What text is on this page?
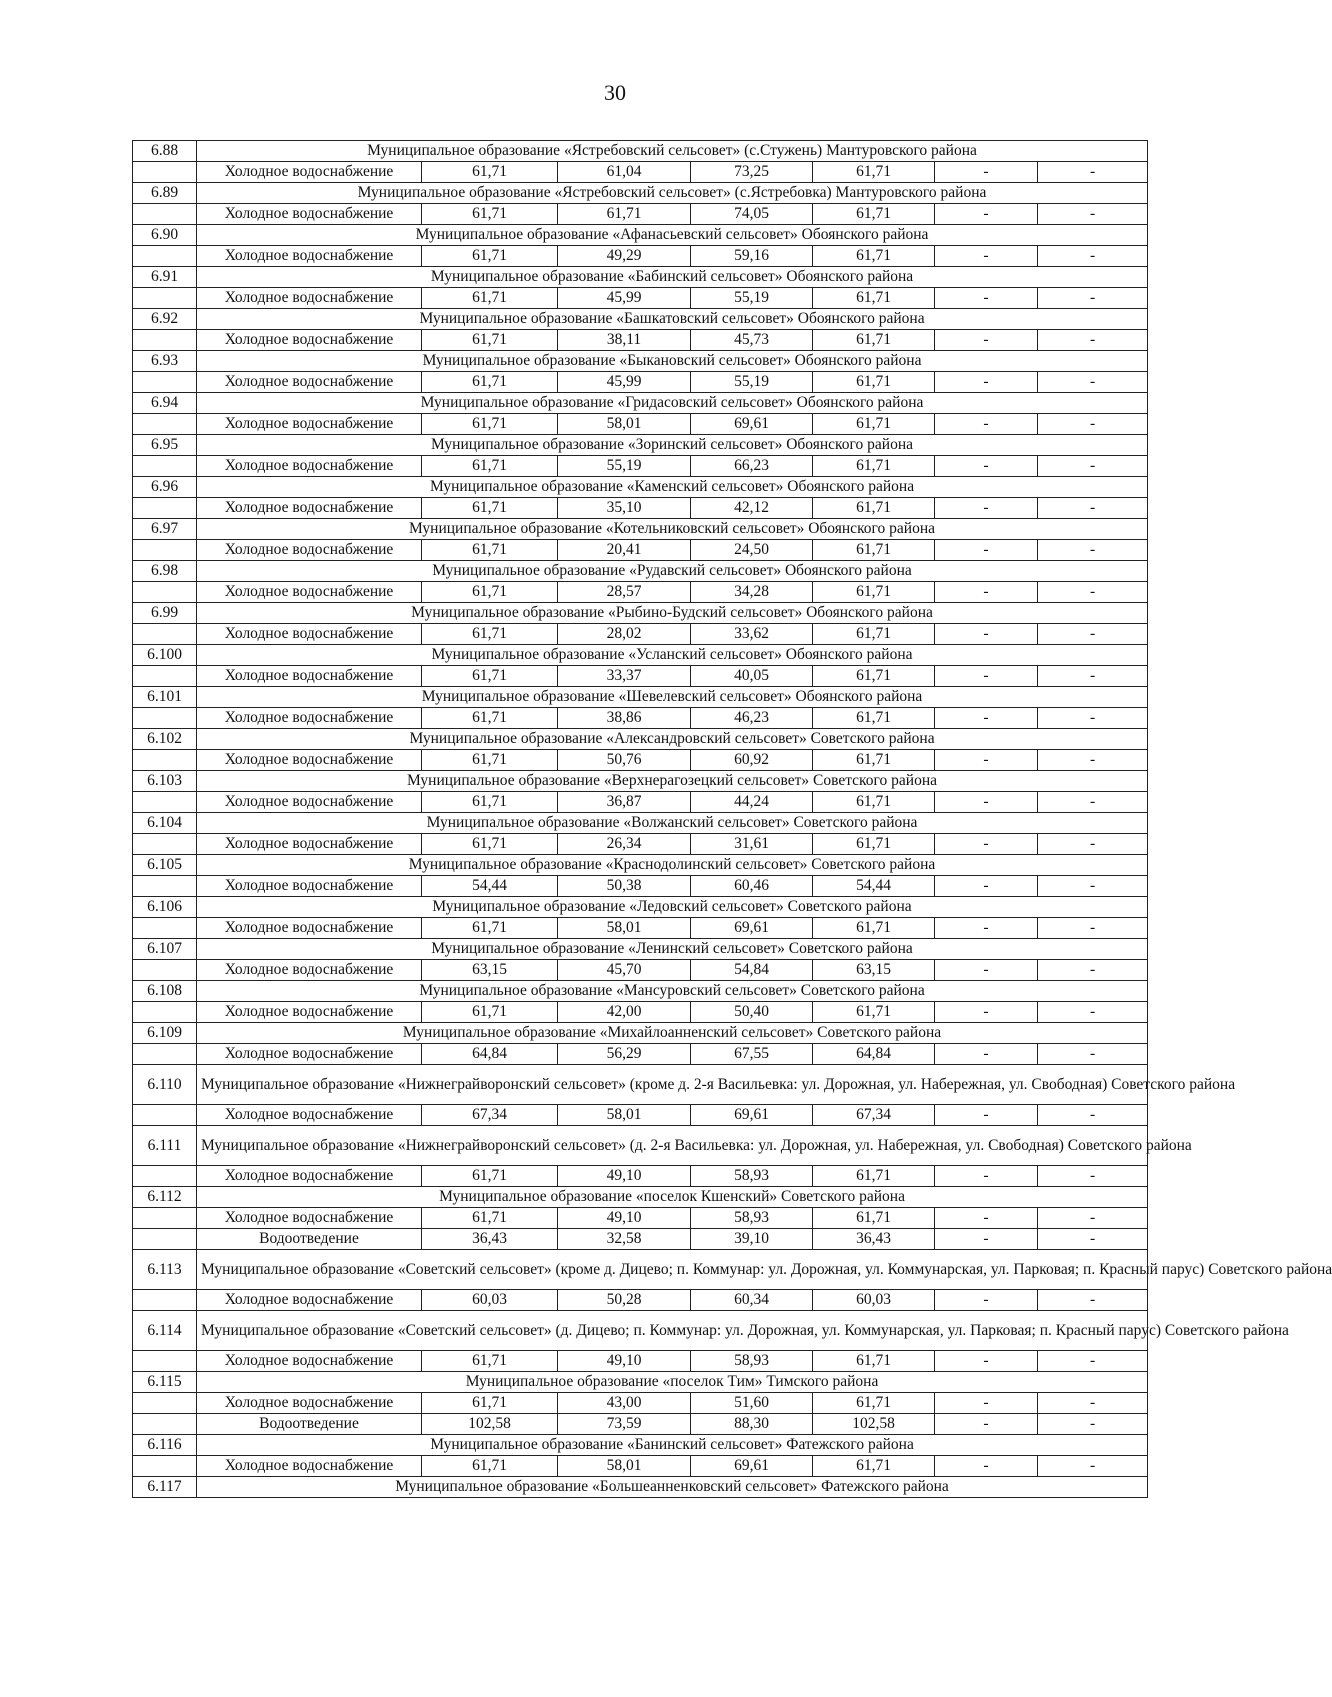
30
6.88	Муниципальное образование «Ястребовский сельсовет» (с.Стужень) Мантуровского района						
	Холодное водоснабжение	61,71	61,04	73,25	61,71	-	-
6.89	Муниципальное образование «Ястребовский сельсовет» (с.Ястребовка) Мантуровского района						
	Холодное водоснабжение	61,71	61,71	74,05	61,71	-	-
6.90	Муниципальное образование «Афанасьевский сельсовет» Обоянского района						
	Холодное водоснабжение	61,71	49,29	59,16	61,71	-	-
6.91	Муниципальное образование «Бабинский сельсовет» Обоянского района						
	Холодное водоснабжение	61,71	45,99	55,19	61,71	-	-
6.92	Муниципальное образование «Башкатовский сельсовет» Обоянского района						
	Холодное водоснабжение	61,71	38,11	45,73	61,71	-	-
6.93	Муниципальное образование «Быкановский сельсовет» Обоянского района						
	Холодное водоснабжение	61,71	45,99	55,19	61,71	-	-
6.94	Муниципальное образование «Гридасовский сельсовет» Обоянского района						
	Холодное водоснабжение	61,71	58,01	69,61	61,71	-	-
6.95	Муниципальное образование «Зоринский сельсовет» Обоянского района						
	Холодное водоснабжение	61,71	55,19	66,23	61,71	-	-
6.96	Муниципальное образование «Каменский сельсовет» Обоянского района						
	Холодное водоснабжение	61,71	35,10	42,12	61,71	-	-
6.97	Муниципальное образование «Котельниковский сельсовет» Обоянского района						
	Холодное водоснабжение	61,71	20,41	24,50	61,71	-	-
6.98	Муниципальное образование «Рудавский сельсовет» Обоянского района						
	Холодное водоснабжение	61,71	28,57	34,28	61,71	-	-
6.99	Муниципальное образование «Рыбино-Будский сельсовет» Обоянского района						
	Холодное водоснабжение	61,71	28,02	33,62	61,71	-	-
6.100	Муниципальное образование «Усланский сельсовет» Обоянского района						
	Холодное водоснабжение	61,71	33,37	40,05	61,71	-	-
6.101	Муниципальное образование «Шевелевский сельсовет» Обоянского района						
	Холодное водоснабжение	61,71	38,86	46,23	61,71	-	-
6.102	Муниципальное образование «Александровский сельсовет» Советского района						
	Холодное водоснабжение	61,71	50,76	60,92	61,71	-	-
6.103	Муниципальное образование «Верхнерагозецкий сельсовет» Советского района						
	Холодное водоснабжение	61,71	36,87	44,24	61,71	-	-
6.104	Муниципальное образование «Волжанский сельсовет» Советского района						
	Холодное водоснабжение	61,71	26,34	31,61	61,71	-	-
6.105	Муниципальное образование «Краснодолинский сельсовет» Советского района						
	Холодное водоснабжение	54,44	50,38	60,46	54,44	-	-
6.106	Муниципальное образование «Ледовский сельсовет» Советского района						
	Холодное водоснабжение	61,71	58,01	69,61	61,71	-	-
6.107	Муниципальное образование «Ленинский сельсовет» Советского района						
	Холодное водоснабжение	63,15	45,70	54,84	63,15	-	-
6.108	Муниципальное образование «Мансуровский сельсовет» Советского района						
	Холодное водоснабжение	61,71	42,00	50,40	61,71	-	-
6.109	Муниципальное образование «Михайлоанненский сельсовет» Советского района						
	Холодное водоснабжение	64,84	56,29	67,55	64,84	-	-
6.110	Муниципальное образование «Нижнеграйворонский сельсовет» (кроме д. 2-я Васильевка: ул. Дорожная, ул. Набережная, ул. Свободная) Советского района						
	Холодное водоснабжение	67,34	58,01	69,61	67,34	-	-
6.111	Муниципальное образование «Нижнеграйворонский сельсовет» (д. 2-я Васильевка: ул. Дорожная, ул. Набережная, ул. Свободная) Советского района						
	Холодное водоснабжение	61,71	49,10	58,93	61,71	-	-
6.112	Муниципальное образование «поселок Кшенский» Советского района						
	Холодное водоснабжение	61,71	49,10	58,93	61,71	-	-
	Водоотведение	36,43	32,58	39,10	36,43	-	-
6.113	Муниципальное образование «Советский сельсовет» (кроме д. Дицево; п. Коммунар: ул. Дорожная, ул. Коммунарская, ул. Парковая; п. Красный парус) Советского района						
	Холодное водоснабжение	60,03	50,28	60,34	60,03	-	-
6.114	Муниципальное образование «Советский сельсовет» (д. Дицево; п. Коммунар: ул. Дорожная, ул. Коммунарская, ул. Парковая; п. Красный парус) Советского района						
	Холодное водоснабжение	61,71	49,10	58,93	61,71	-	-
6.115	Муниципальное образование «поселок Тим» Тимского района						
	Холодное водоснабжение	61,71	43,00	51,60	61,71	-	-
	Водоотведение	102,58	73,59	88,30	102,58	-	-
6.116	Муниципальное образование «Банинский сельсовет» Фатежского района						
	Холодное водоснабжение	61,71	58,01	69,61	61,71	-	-
6.117	Муниципальное образование «Большеанненковский сельсовет» Фатежского района						
